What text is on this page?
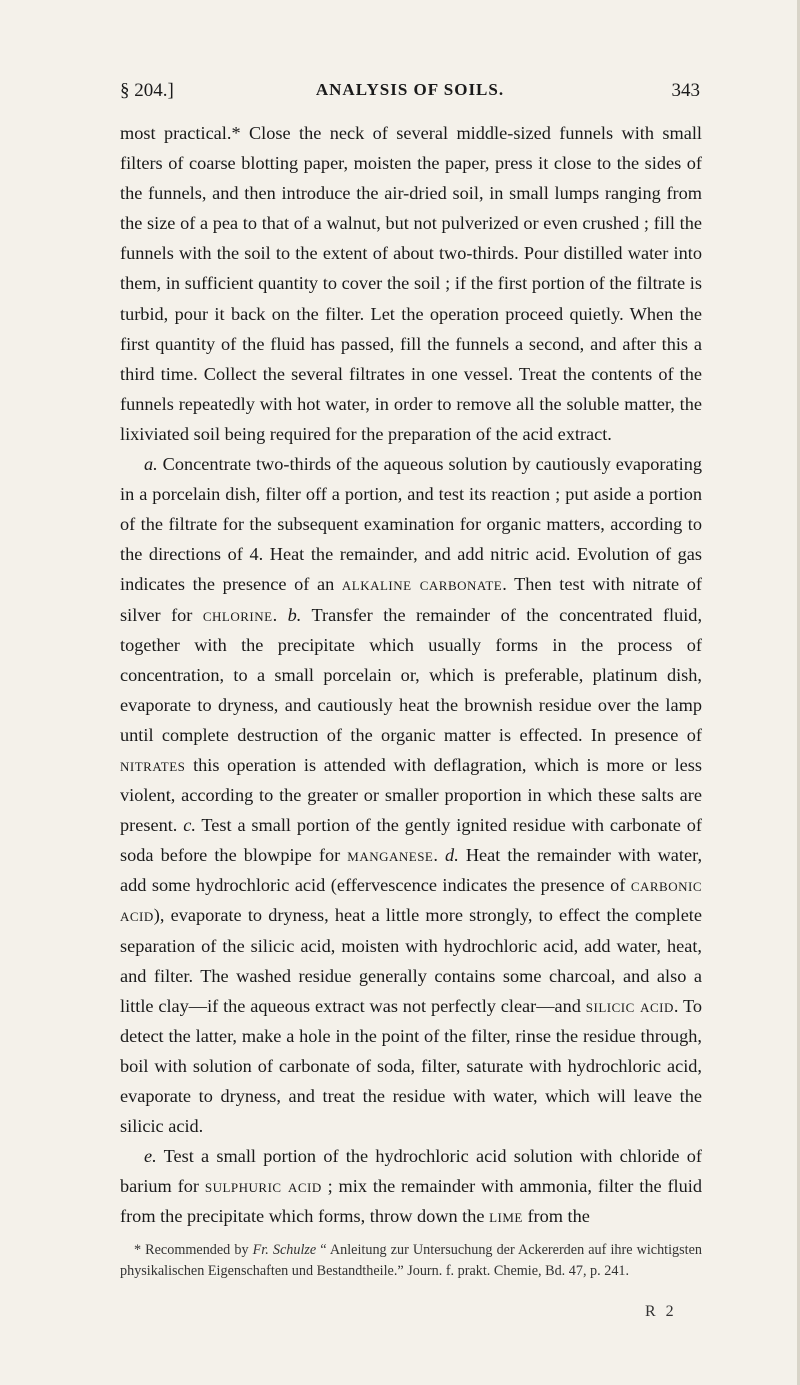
§ 204.]	ANALYSIS OF SOILS.	343

most practical.* Close the neck of several middle-sized funnels with small filters of coarse blotting paper, moisten the paper, press it close to the sides of the funnels, and then introduce the air-dried soil, in small lumps ranging from the size of a pea to that of a walnut, but not pulverized or even crushed ; fill the funnels with the soil to the extent of about two-thirds. Pour distilled water into them, in sufficient quantity to cover the soil ; if the first portion of the filtrate is turbid, pour it back on the filter. Let the operation proceed quietly. When the first quantity of the fluid has passed, fill the funnels a second, and after this a third time. Collect the several filtrates in one vessel. Treat the contents of the funnels repeatedly with hot water, in order to remove all the soluble matter, the lixiviated soil being required for the preparation of the acid extract.

a. Concentrate two-thirds of the aqueous solution by cautiously evaporating in a porcelain dish, filter off a portion, and test its reaction ; put aside a portion of the filtrate for the subsequent examination for organic matters, according to the directions of 4. Heat the remainder, and add nitric acid. Evolution of gas indicates the presence of an alkaline carbonate. Then test with nitrate of silver for chlorine. b. Transfer the remainder of the concentrated fluid, together with the precipitate which usually forms in the process of concentration, to a small porcelain or, which is preferable, platinum dish, evaporate to dryness, and cautiously heat the brownish residue over the lamp until complete destruction of the organic matter is effected. In presence of nitrates this operation is attended with deflagration, which is more or less violent, according to the greater or smaller proportion in which these salts are present. c. Test a small portion of the gently ignited residue with carbonate of soda before the blowpipe for manganese. d. Heat the remainder with water, add some hydrochloric acid (effervescence indicates the presence of carbonic acid), evaporate to dryness, heat a little more strongly, to effect the complete separation of the silicic acid, moisten with hydrochloric acid, add water, heat, and filter. The washed residue generally contains some charcoal, and also a little clay—if the aqueous extract was not perfectly clear—and silicic acid. To detect the latter, make a hole in the point of the filter, rinse the residue through, boil with solution of carbonate of soda, filter, saturate with hydrochloric acid, evaporate to dryness, and treat the residue with water, which will leave the silicic acid.

e. Test a small portion of the hydrochloric acid solution with chloride of barium for sulphuric acid ; mix the remainder with ammonia, filter the fluid from the precipitate which forms, throw down the lime from the

* Recommended by Fr. Schulze “ Anleitung zur Untersuchung der Ackererden auf ihre wichtigsten physikalischen Eigenschaften und Bestandtheile.” Journ. f. prakt. Chemie, Bd. 47, p. 241.

R 2
